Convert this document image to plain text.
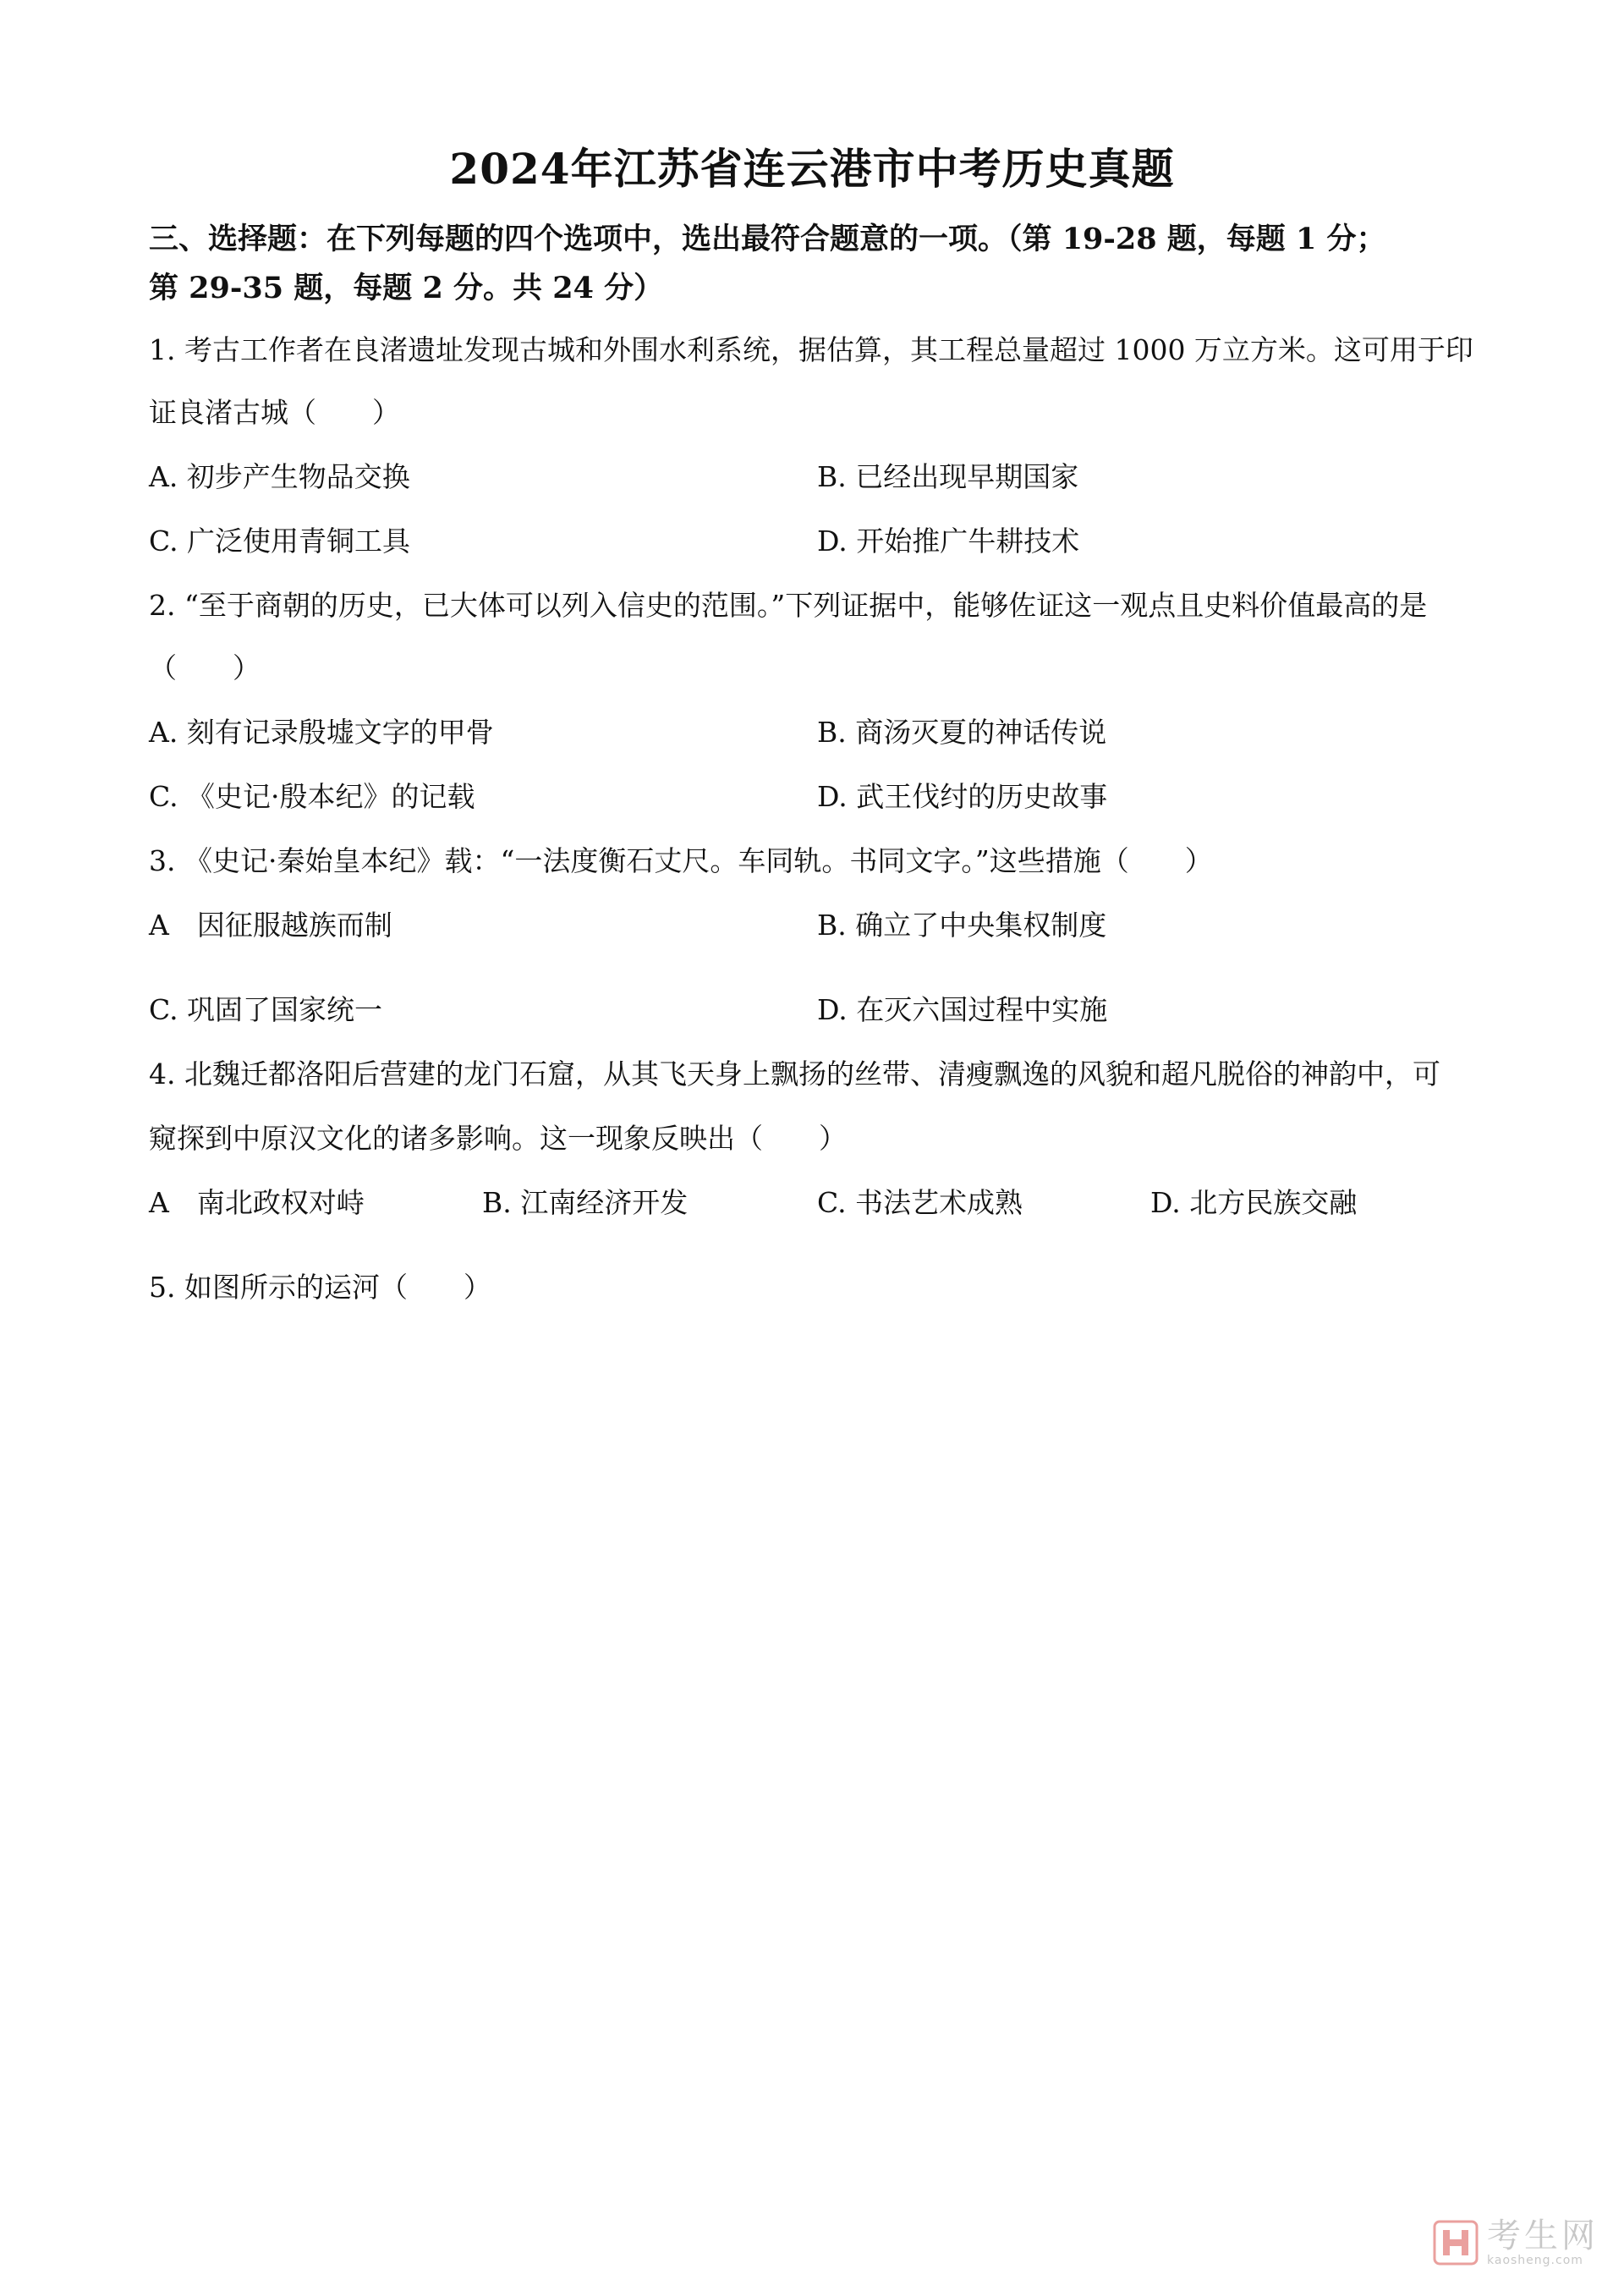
2024年江苏省连云港市中考历史真题
三、选择题：在下列每题的四个选项中，选出最符合题意的一项。（第 19-28 题，每题 1 分；
第 29-35 题，每题 2 分。共 24 分）
1. 考古工作者在良渚遗址发现古城和外围水利系统，据估算，其工程总量超过 1000 万立方米。这可用于印
证良渚古城（　　）
A. 初步产生物品交换	B. 已经出现早期国家
C. 广泛使用青铜工具	D. 开始推广牛耕技术
2. “至于商朝的历史，已大体可以列入信史的范围。”下列证据中，能够佐证这一观点且史料价值最高的是
（　　）
A. 刻有记录殷墟文字的甲骨	B. 商汤灭夏的神话传说
C. 《史记·殷本纪》的记载	D. 武王伐纣的历史故事
3. 《史记·秦始皇本纪》载：“一法度衡石丈尺。车同轨。书同文字。”这些措施（　　）
A　因征服越族而制	B. 确立了中央集权制度
C. 巩固了国家统一	D. 在灭六国过程中实施
4. 北魏迁都洛阳后营建的龙门石窟，从其飞天身上飘扬的丝带、清瘦飘逸的风貌和超凡脱俗的神韵中，可
窥探到中原汉文化的诸多影响。这一现象反映出（　　）
A　南北政权对峙	B. 江南经济开发	C. 书法艺术成熟	D. 北方民族交融
5. 如图所示的运河（　　）
考生网
kaosheng.com
